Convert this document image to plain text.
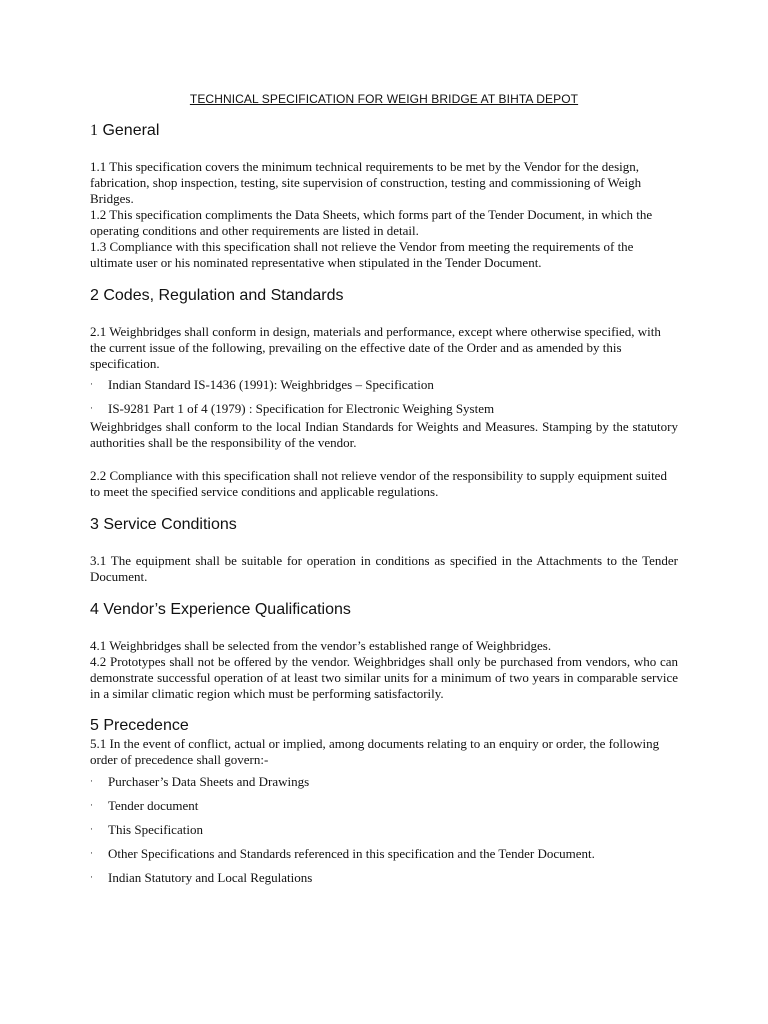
TECHNICAL SPECIFICATION FOR WEIGH BRIDGE AT BIHTA DEPOT
1 General

1.1 This specification covers the minimum technical requirements to be met by the Vendor for the design, fabrication, shop inspection, testing, site supervision of construction, testing and commissioning of Weigh Bridges.

1.2 This specification compliments the Data Sheets, which forms part of the Tender Document, in which the operating conditions and other requirements are listed in detail.

1.3 Compliance with this specification shall not relieve the Vendor from meeting the requirements of the ultimate user or his nominated representative when stipulated in the Tender Document.

2 Codes, Regulation and Standards

2.1 Weighbridges shall conform in design, materials and performance, except where otherwise specified, with the current issue of the following, prevailing on the effective date of the Order and as amended by this specification.

· Indian Standard IS-1436 (1991): Weighbridges – Specification
· IS-9281 Part 1 of 4 (1979) : Specification for Electronic Weighing System

Weighbridges shall conform to the local Indian Standards for Weights and Measures. Stamping by the statutory authorities shall be the responsibility of the vendor.

2.2 Compliance with this specification shall not relieve vendor of the responsibility to supply equipment suited to meet the specified service conditions and applicable regulations.

3 Service Conditions

3.1 The equipment shall be suitable for operation in conditions as specified in the Attachments to the Tender Document.

4 Vendor’s Experience Qualifications

4.1 Weighbridges shall be selected from the vendor’s established range of Weighbridges.

4.2 Prototypes shall not be offered by the vendor. Weighbridges shall only be purchased from vendors, who can demonstrate successful operation of at least two similar units for a minimum of two years in comparable service in a similar climatic region which must be performing satisfactorily.

5 Precedence

5.1 In the event of conflict, actual or implied, among documents relating to an enquiry or order, the following order of precedence shall govern:-

· Purchaser’s Data Sheets and Drawings
· Tender document
· This Specification
· Other Specifications and Standards referenced in this specification and the Tender Document.
· Indian Statutory and Local Regulations
